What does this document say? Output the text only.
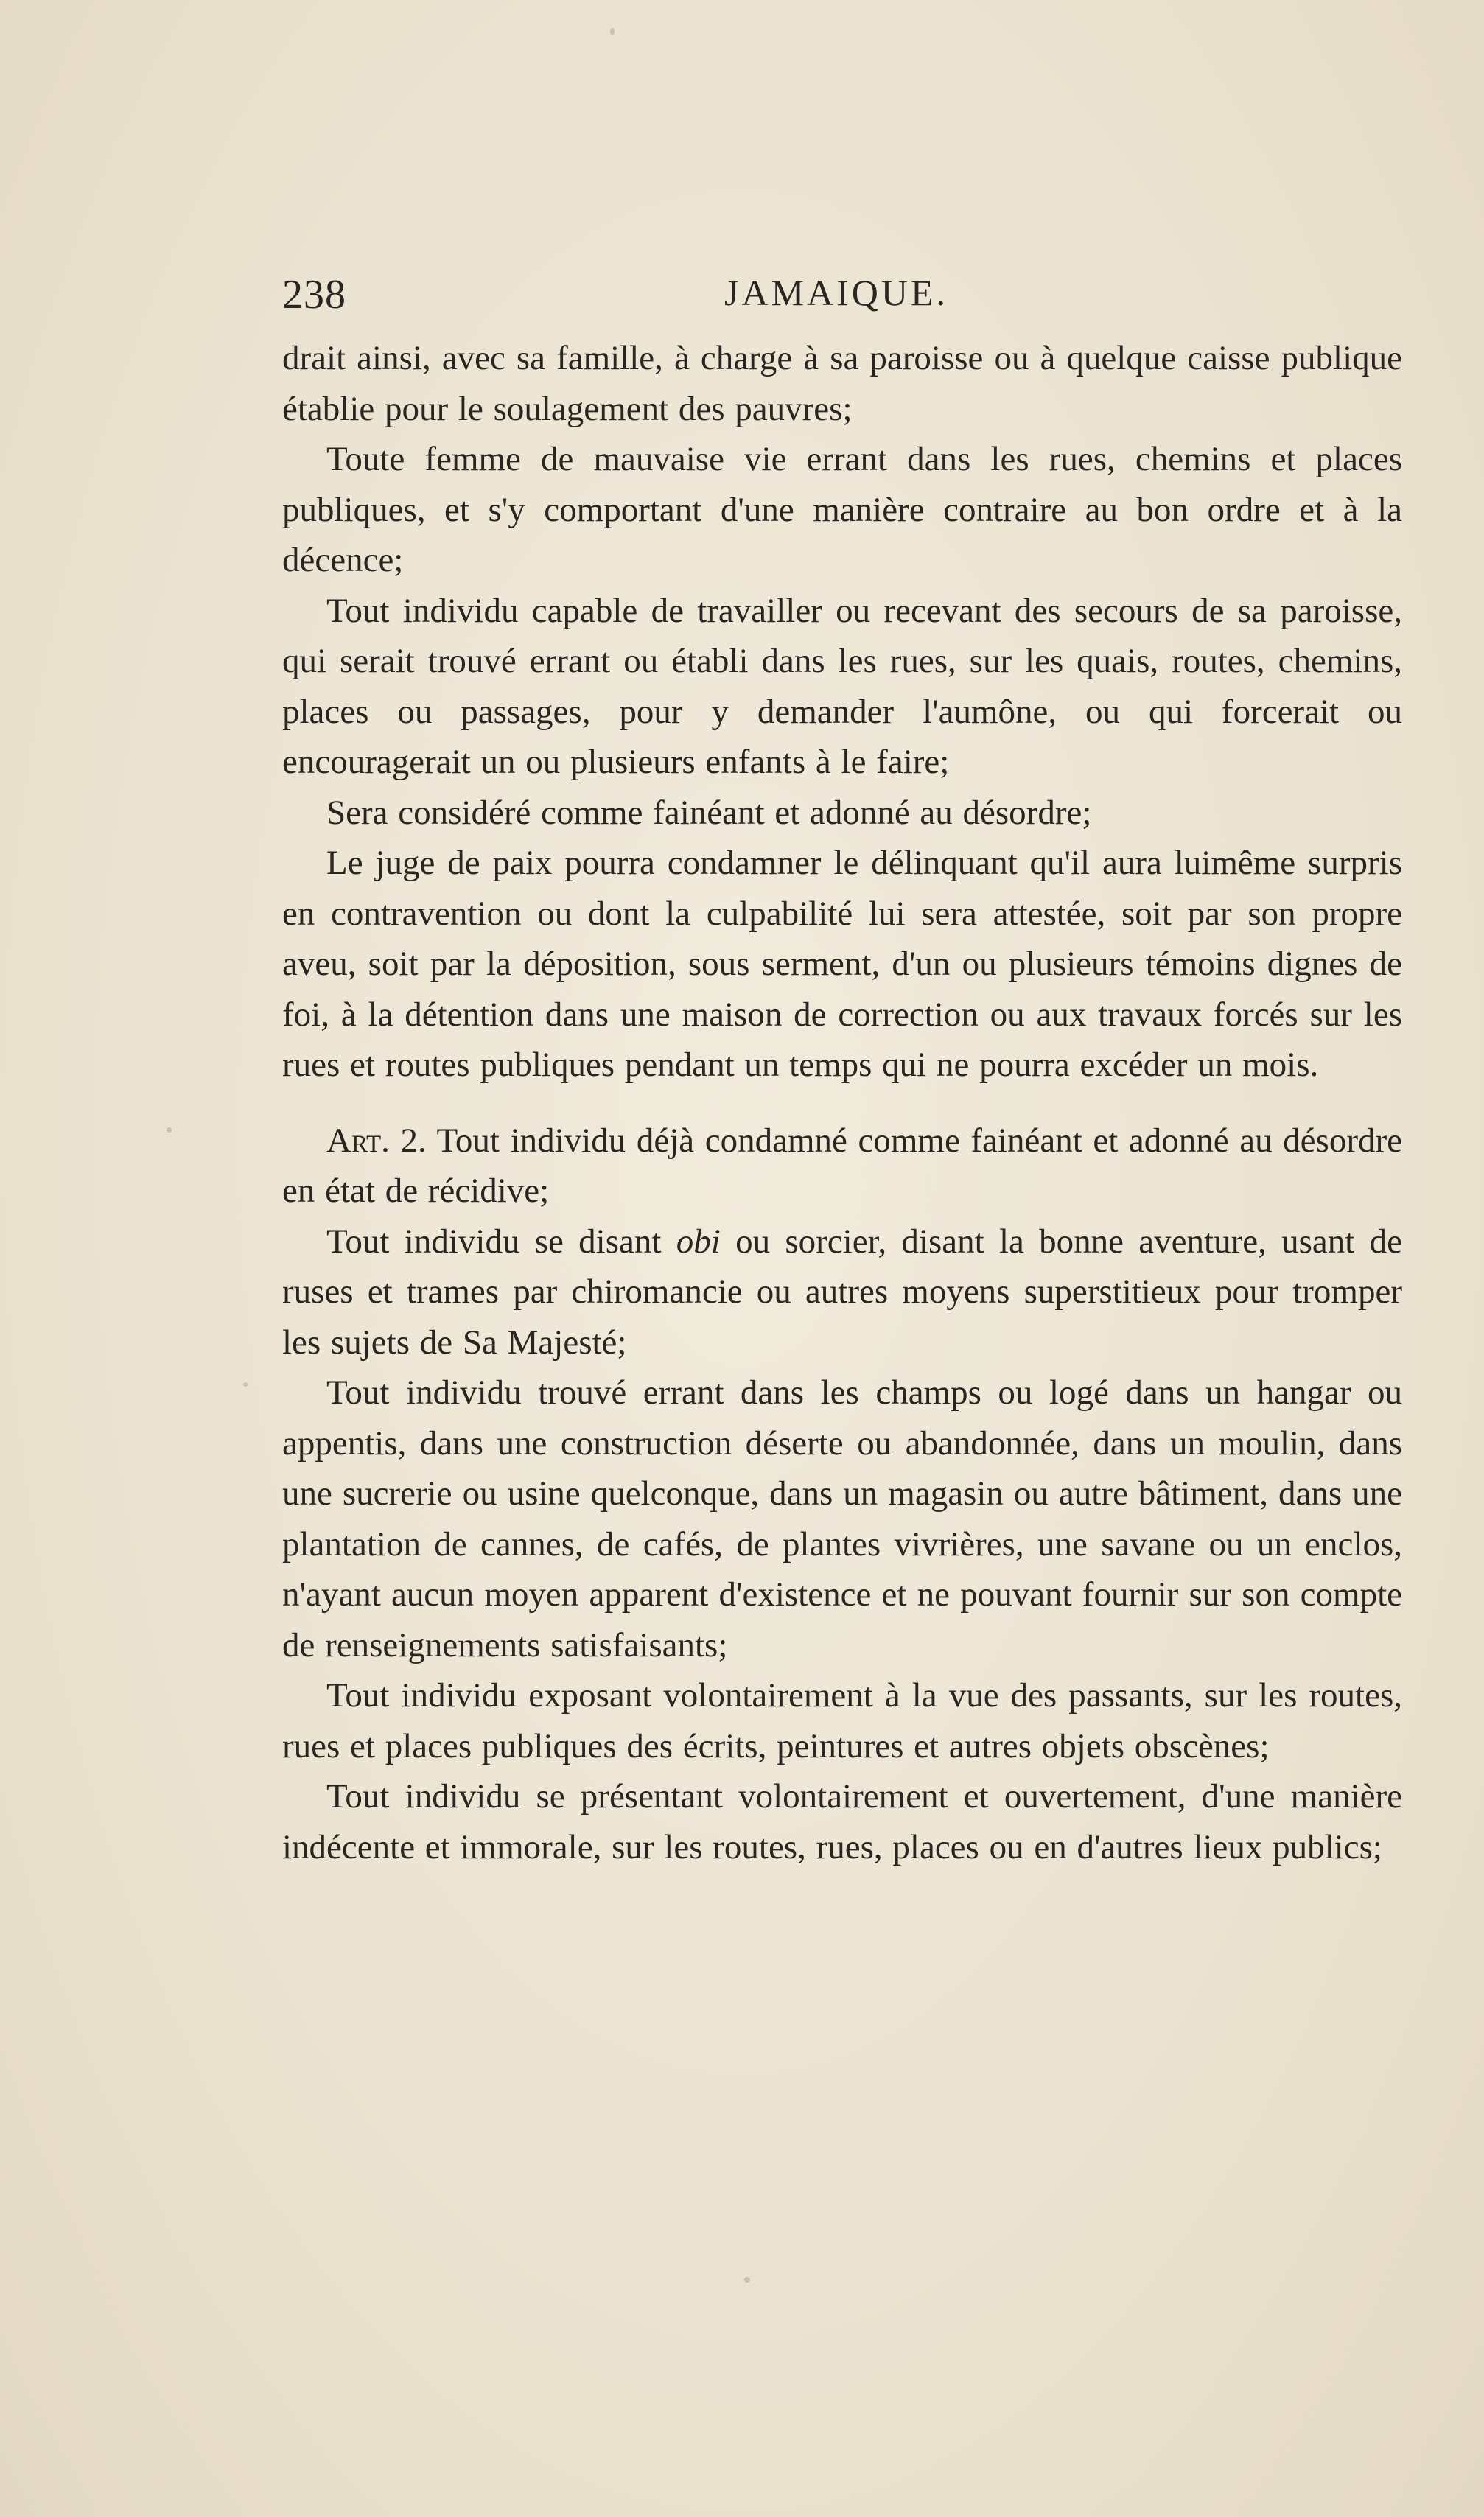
238	JAMAIQUE.

drait ainsi, avec sa famille, à charge à sa paroisse ou à quelque caisse publique établie pour le soulagement des pauvres;

Toute femme de mauvaise vie errant dans les rues, chemins et places publiques, et s'y comportant d'une manière contraire au bon ordre et à la décence;

Tout individu capable de travailler ou recevant des secours de sa paroisse, qui serait trouvé errant ou établi dans les rues, sur les quais, routes, chemins, places ou passages, pour y demander l'aumône, ou qui forcerait ou encouragerait un ou plusieurs enfants à le faire;

Sera considéré comme fainéant et adonné au désordre;

Le juge de paix pourra condamner le délinquant qu'il aura luimême surpris en contravention ou dont la culpabilité lui sera attestée, soit par son propre aveu, soit par la déposition, sous serment, d'un ou plusieurs témoins dignes de foi, à la détention dans une maison de correction ou aux travaux forcés sur les rues et routes publiques pendant un temps qui ne pourra excéder un mois.

Art. 2. Tout individu déjà condamné comme fainéant et adonné au désordre en état de récidive;

Tout individu se disant obi ou sorcier, disant la bonne aventure, usant de ruses et trames par chiromancie ou autres moyens superstitieux pour tromper les sujets de Sa Majesté;

Tout individu trouvé errant dans les champs ou logé dans un hangar ou appentis, dans une construction déserte ou abandonnée, dans un moulin, dans une sucrerie ou usine quelconque, dans un magasin ou autre bâtiment, dans une plantation de cannes, de cafés, de plantes vivrières, une savane ou un enclos, n'ayant aucun moyen apparent d'existence et ne pouvant fournir sur son compte de renseignements satisfaisants;

Tout individu exposant volontairement à la vue des passants, sur les routes, rues et places publiques des écrits, peintures et autres objets obscènes;

Tout individu se présentant volontairement et ouvertement, d'une manière indécente et immorale, sur les routes, rues, places ou en d'autres lieux publics;
